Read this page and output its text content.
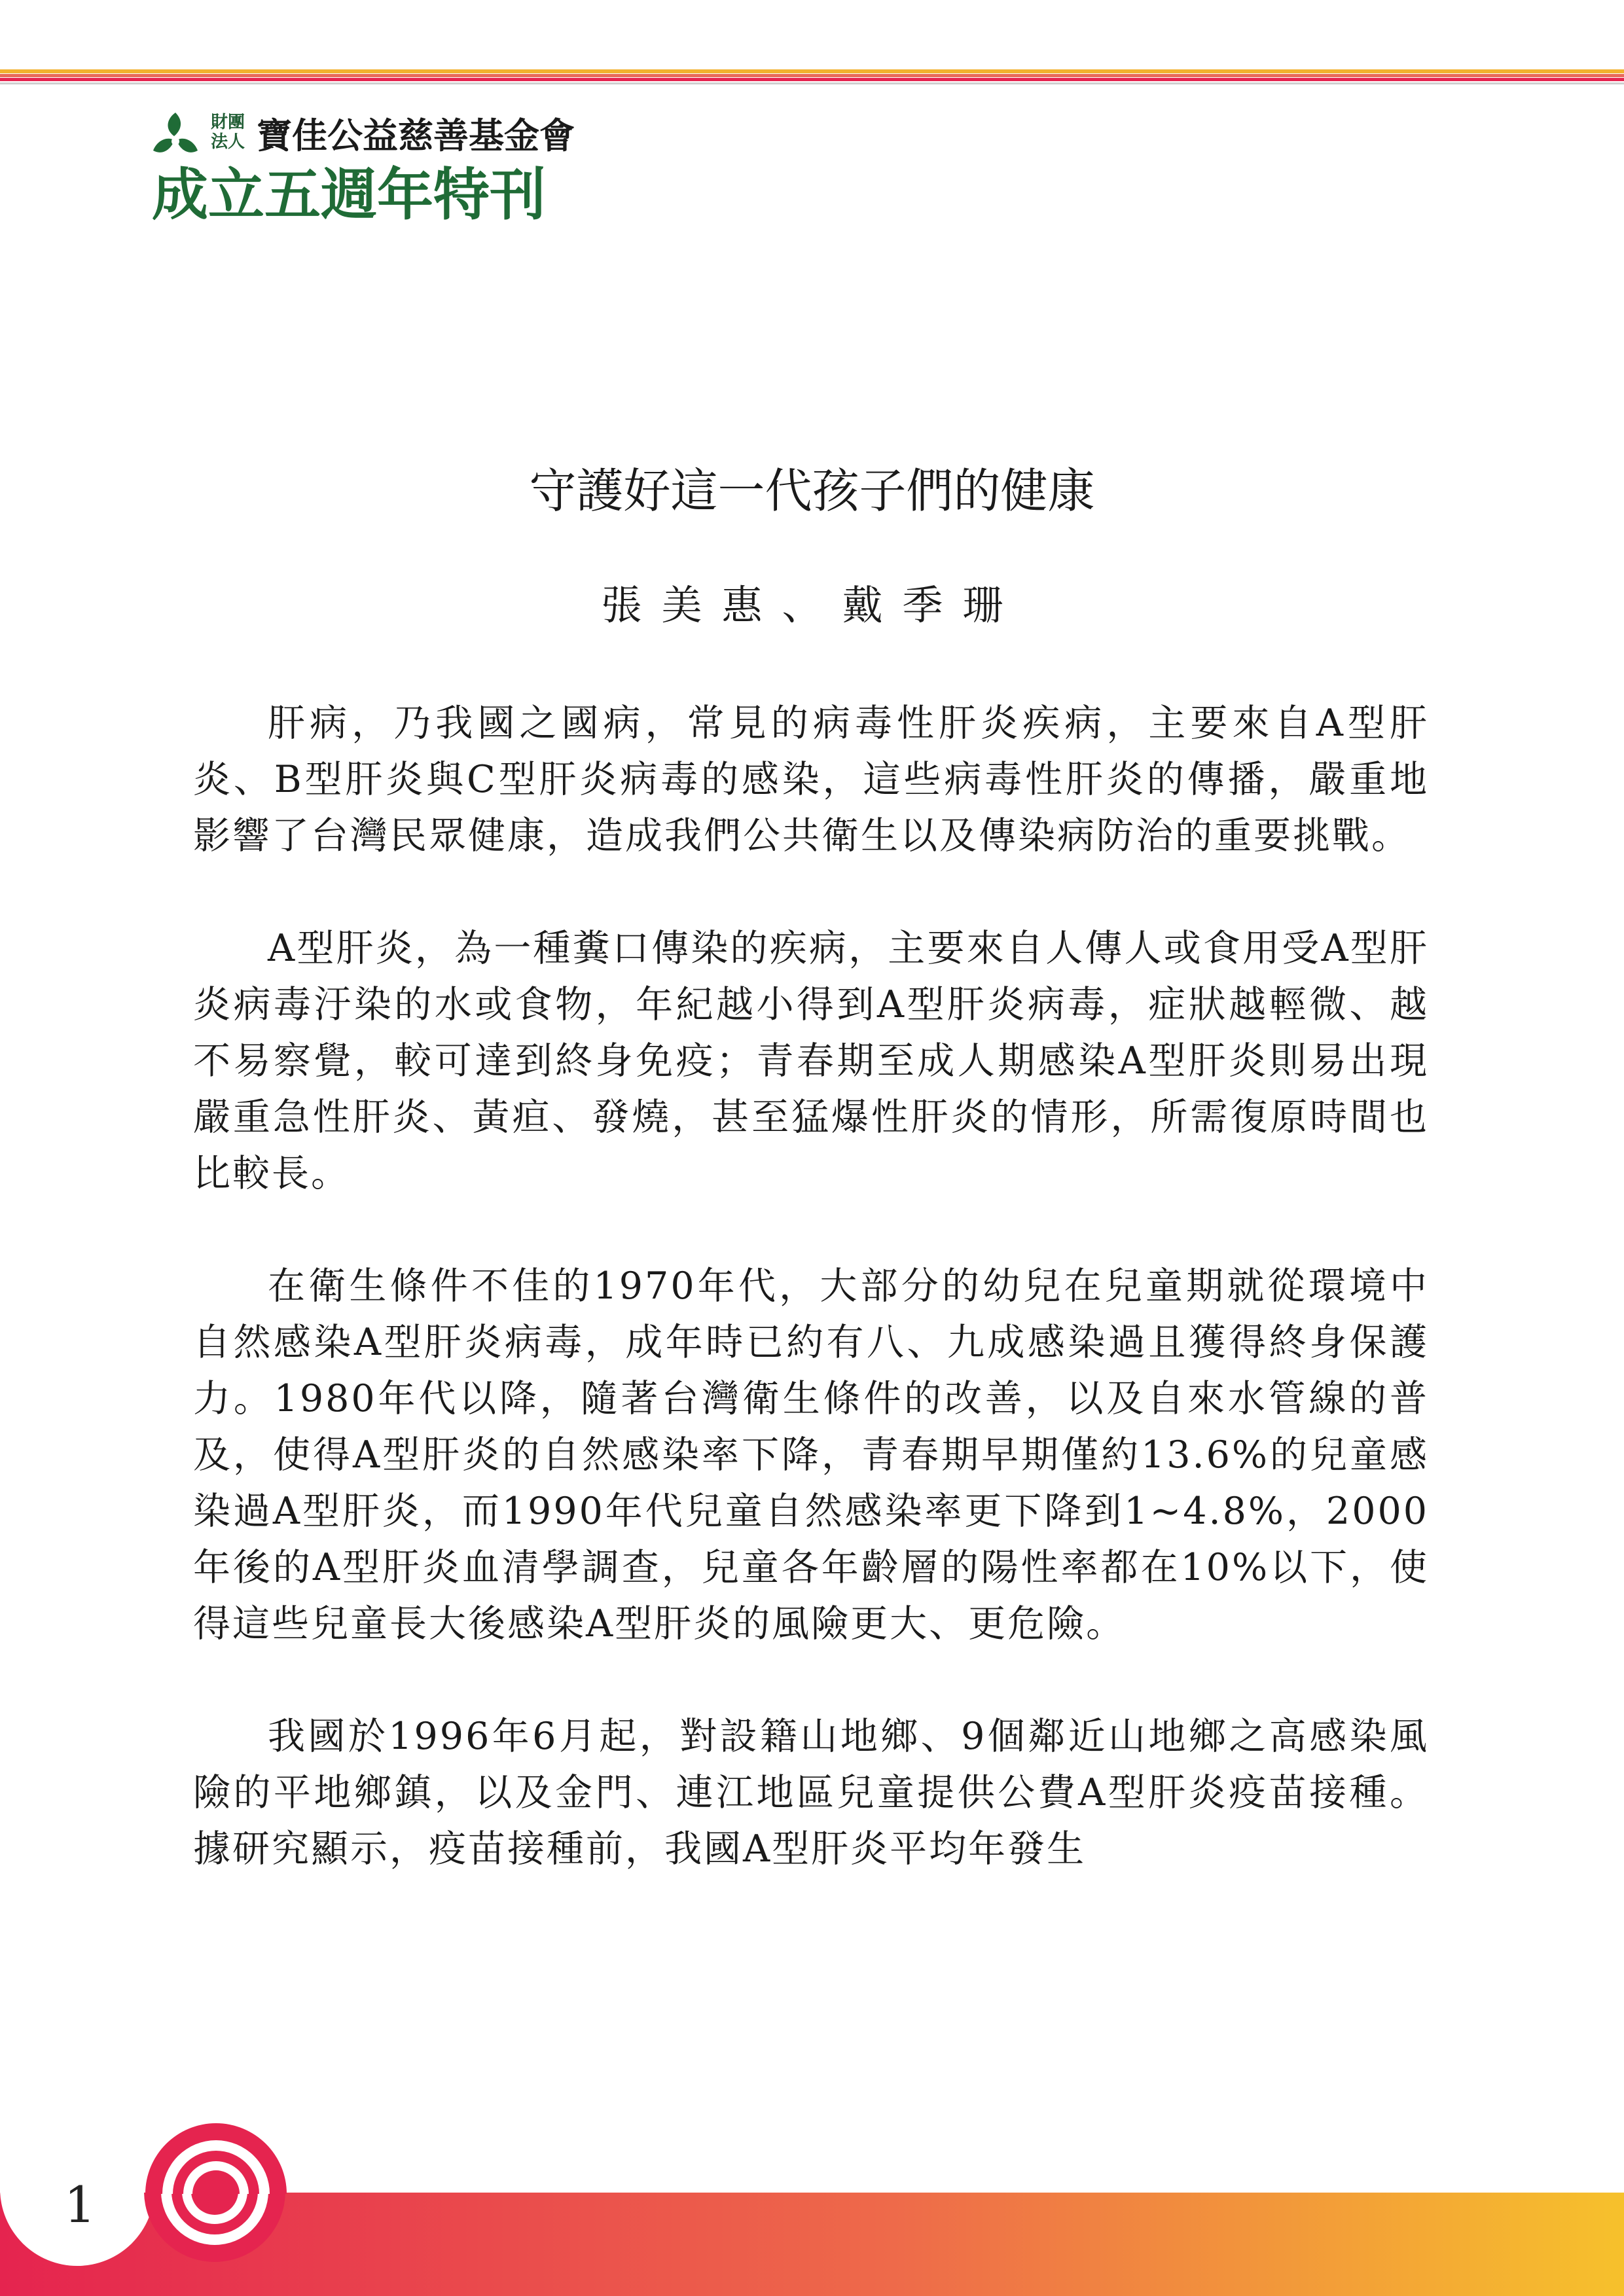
財團法人 寶佳公益慈善基金會
成立五週年特刊
守護好這一代孩子們的健康
張美惠、戴季珊

肝病，乃我國之國病，常見的病毒性肝炎疾病，主要來自A型肝炎、B型肝炎與C型肝炎病毒的感染，這些病毒性肝炎的傳播，嚴重地影響了台灣民眾健康，造成我們公共衛生以及傳染病防治的重要挑戰。

A型肝炎，為一種糞口傳染的疾病，主要來自人傳人或食用受A型肝炎病毒汙染的水或食物，年紀越小得到A型肝炎病毒，症狀越輕微、越不易察覺，較可達到終身免疫；青春期至成人期感染A型肝炎則易出現嚴重急性肝炎、黃疸、發燒，甚至猛爆性肝炎的情形，所需復原時間也比較長。

在衛生條件不佳的1970年代，大部分的幼兒在兒童期就從環境中自然感染A型肝炎病毒，成年時已約有八、九成感染過且獲得終身保護力。1980年代以降，隨著台灣衛生條件的改善，以及自來水管線的普及，使得A型肝炎的自然感染率下降，青春期早期僅約13.6%的兒童感染過A型肝炎，而1990年代兒童自然感染率更下降到1~4.8%，2000年後的A型肝炎血清學調查，兒童各年齡層的陽性率都在10%以下，使得這些兒童長大後感染A型肝炎的風險更大、更危險。

我國於1996年6月起，對設籍山地鄉、9個鄰近山地鄉之高感染風險的平地鄉鎮，以及金門、連江地區兒童提供公費A型肝炎疫苗接種。據研究顯示，疫苗接種前，我國A型肝炎平均年發生

1
